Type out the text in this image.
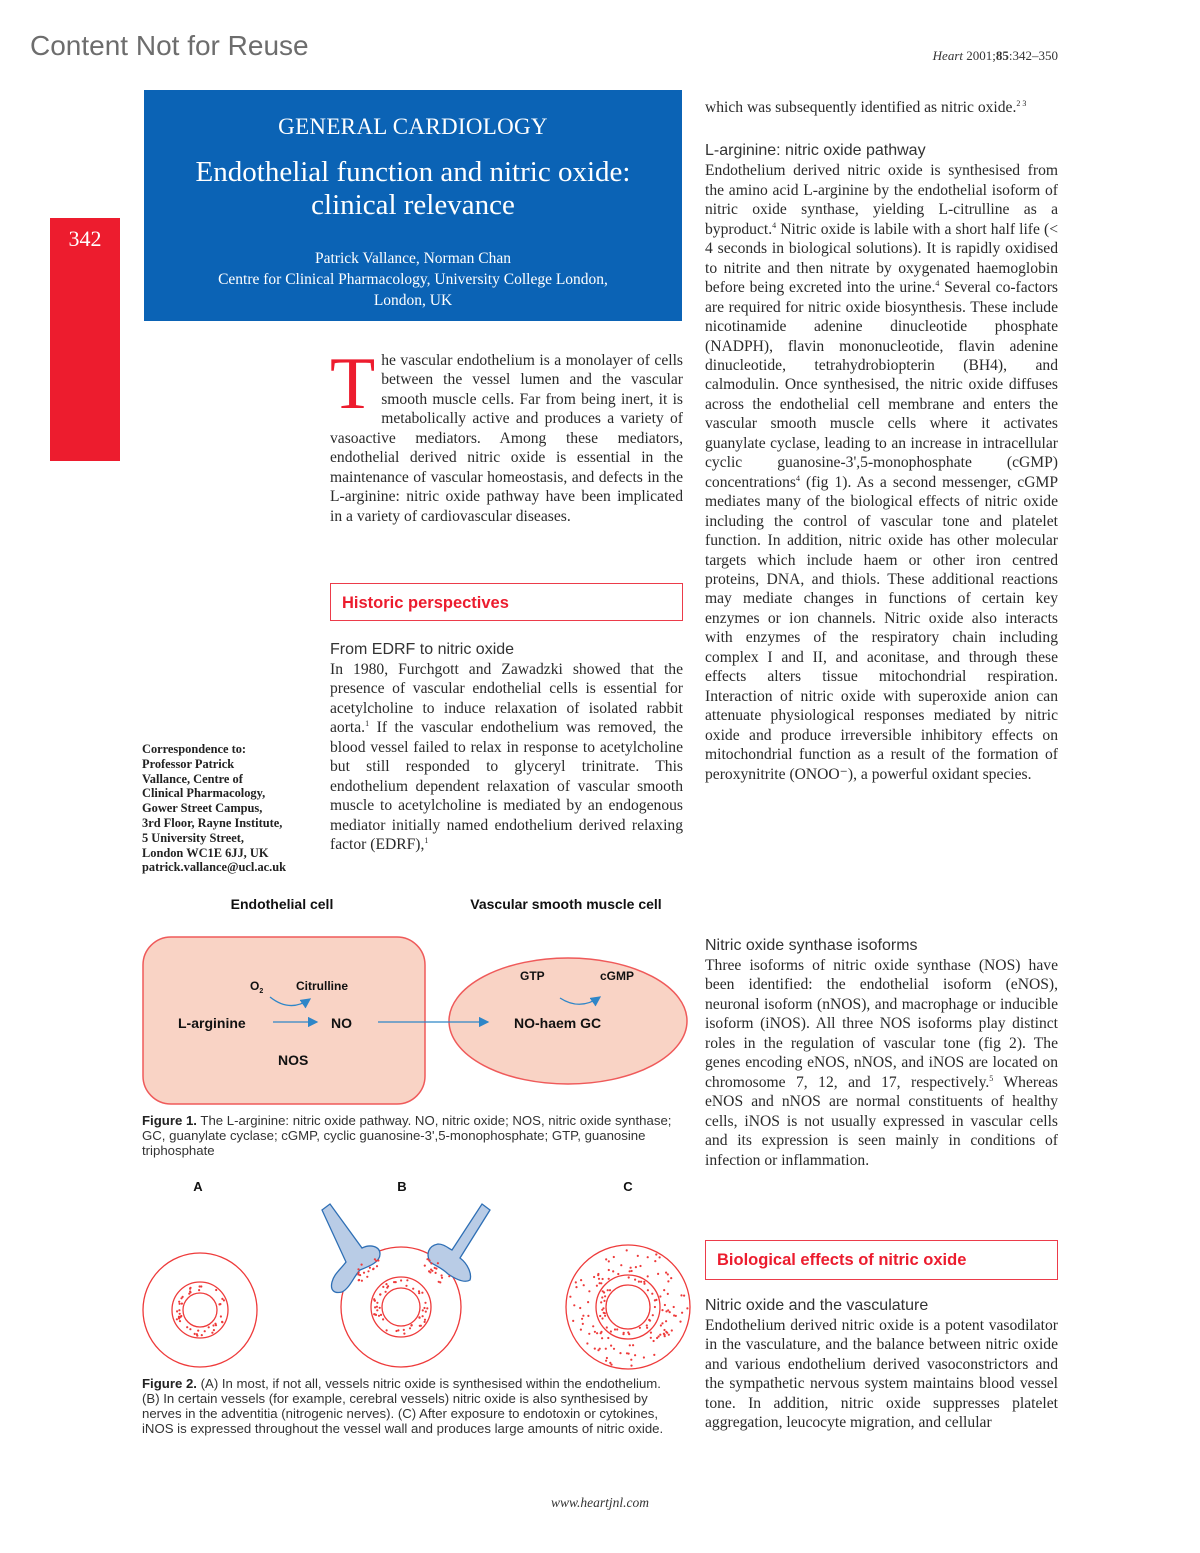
Content Not for Reuse	Heart 2001;85:342–350
GENERAL CARDIOLOGY
Endothelial function and nitric oxide: clinical relevance
Patrick Vallance, Norman Chan
Centre for Clinical Pharmacology, University College London,
London, UK
342
The vascular endothelium is a monolayer of cells between the vessel lumen and the vascular smooth muscle cells. Far from being inert, it is metabolically active and produces a variety of vasoactive mediators. Among these mediators, endothelial derived nitric oxide is essential in the maintenance of vascular homeostasis, and defects in the L-arginine: nitric oxide pathway have been implicated in a variety of cardiovascular diseases.
Historic perspectives
From EDRF to nitric oxide
In 1980, Furchgott and Zawadzki showed that the presence of vascular endothelial cells is essential for acetylcholine to induce relaxation of isolated rabbit aorta.$^1$ If the vascular endothelium was removed, the blood vessel failed to relax in response to acetylcholine but still responded to glyceryl trinitrate. This endothelium dependent relaxation of vascular smooth muscle to acetylcholine is mediated by an endogenous mediator initially named endothelium derived relaxing factor (EDRF),$^1$
Correspondence to:
Professor Patrick
Vallance, Centre of
Clinical Pharmacology,
Gower Street Campus,
3rd Floor, Rayne Institute,
5 University Street,
London WC1E 6JJ, UK
patrick.vallance@ucl.ac.uk
which was subsequently identified as nitric oxide.$^{2 3}$
L-arginine: nitric oxide pathway
Endothelium derived nitric oxide is synthesised from the amino acid L-arginine by the endothelial isoform of nitric oxide synthase, yielding L-citrulline as a byproduct.$^4$ Nitric oxide is labile with a short half life (< 4 seconds in biological solutions). It is rapidly oxidised to nitrite and then nitrate by oxygenated haemoglobin before being excreted into the urine.$^4$ Several co-factors are required for nitric oxide biosynthesis. These include nicotinamide adenine dinucleotide phosphate (NADPH), flavin mononucleotide, flavin adenine dinucleotide, tetrahydrobiopterin (BH4), and calmodulin. Once synthesised, the nitric oxide diffuses across the endothelial cell membrane and enters the vascular smooth muscle cells where it activates guanylate cyclase, leading to an increase in intracellular cyclic guanosine-3',5-monophosphate (cGMP) concentrations$^4$ (fig 1). As a second messenger, cGMP mediates many of the biological effects of nitric oxide including the control of vascular tone and platelet function. In addition, nitric oxide has other molecular targets which include haem or other iron centred proteins, DNA, and thiols. These additional reactions may mediate changes in functions of certain key enzymes or ion channels. Nitric oxide also interacts with enzymes of the respiratory chain including complex I and II, and aconitase, and through these effects alters tissue mitochondrial respiration. Interaction of nitric oxide with superoxide anion can attenuate physiological responses mediated by nitric oxide and produce irreversible inhibitory effects on mitochondrial function as a result of the formation of peroxynitrite (ONOO⁻), a powerful oxidant species.
Nitric oxide synthase isoforms
Three isoforms of nitric oxide synthase (NOS) have been identified: the endothelial isoform (eNOS), neuronal isoform (nNOS), and macrophage or inducible isoform (iNOS). All three NOS isoforms play distinct roles in the regulation of vascular tone (fig 2). The genes encoding eNOS, nNOS, and iNOS are located on chromosome 7, 12, and 17, respectively.$^5$ Whereas eNOS and nNOS are normal constituents of healthy cells, iNOS is not usually expressed in vascular cells and its expression is seen mainly in conditions of infection or inflammation.
Biological effects of nitric oxide
Nitric oxide and the vasculature
Endothelium derived nitric oxide is a potent vasodilator in the vasculature, and the balance between nitric oxide and various endothelium derived vasoconstrictors and the sympathetic nervous system maintains blood vessel tone. In addition, nitric oxide suppresses platelet aggregation, leucocyte migration, and cellular
Endothelial cell	Vascular smooth muscle cell
$O_2$	Citrulline
L-arginine	NO
NOS
GTP	cGMP
NO-haem GC
Figure 1. The L-arginine: nitric oxide pathway. NO, nitric oxide; NOS, nitric oxide synthase; GC, guanylate cyclase; cGMP, cyclic guanosine-3',5-monophosphate; GTP, guanosine triphosphate
A	B	C
Figure 2. (A) In most, if not all, vessels nitric oxide is synthesised within the endothelium. (B) In certain vessels (for example, cerebral vessels) nitric oxide is also synthesised by nerves in the adventitia (nitrogenic nerves). (C) After exposure to endotoxin or cytokines, iNOS is expressed throughout the vessel wall and produces large amounts of nitric oxide.
www.heartjnl.com
